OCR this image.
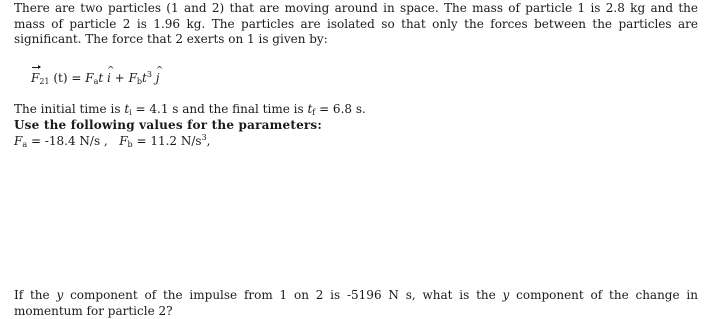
There are two particles (1 and 2) that are moving around in space. The mass of particle 1 is 2.8 kg and the mass of particle 2 is 1.96 kg. The particles are isolated so that only the forces between the particles are significant. The force that 2 exerts on 1 is given by:

$F_{21}$ $(t) = F_at$ i ^ + $F_bt^3$ j ^
The initial time is $t_i = 4.1$ s and the final time is $t_f = 6.8$ s.
Use the following values for the parameters:
$F_a = -18.4$ N/s , $F_b = 11.2$ $N/s^3$,

If the y component of the impulse from 1 on 2 is -5196 N s, what is the y component of the change in momentum for particle 2?
